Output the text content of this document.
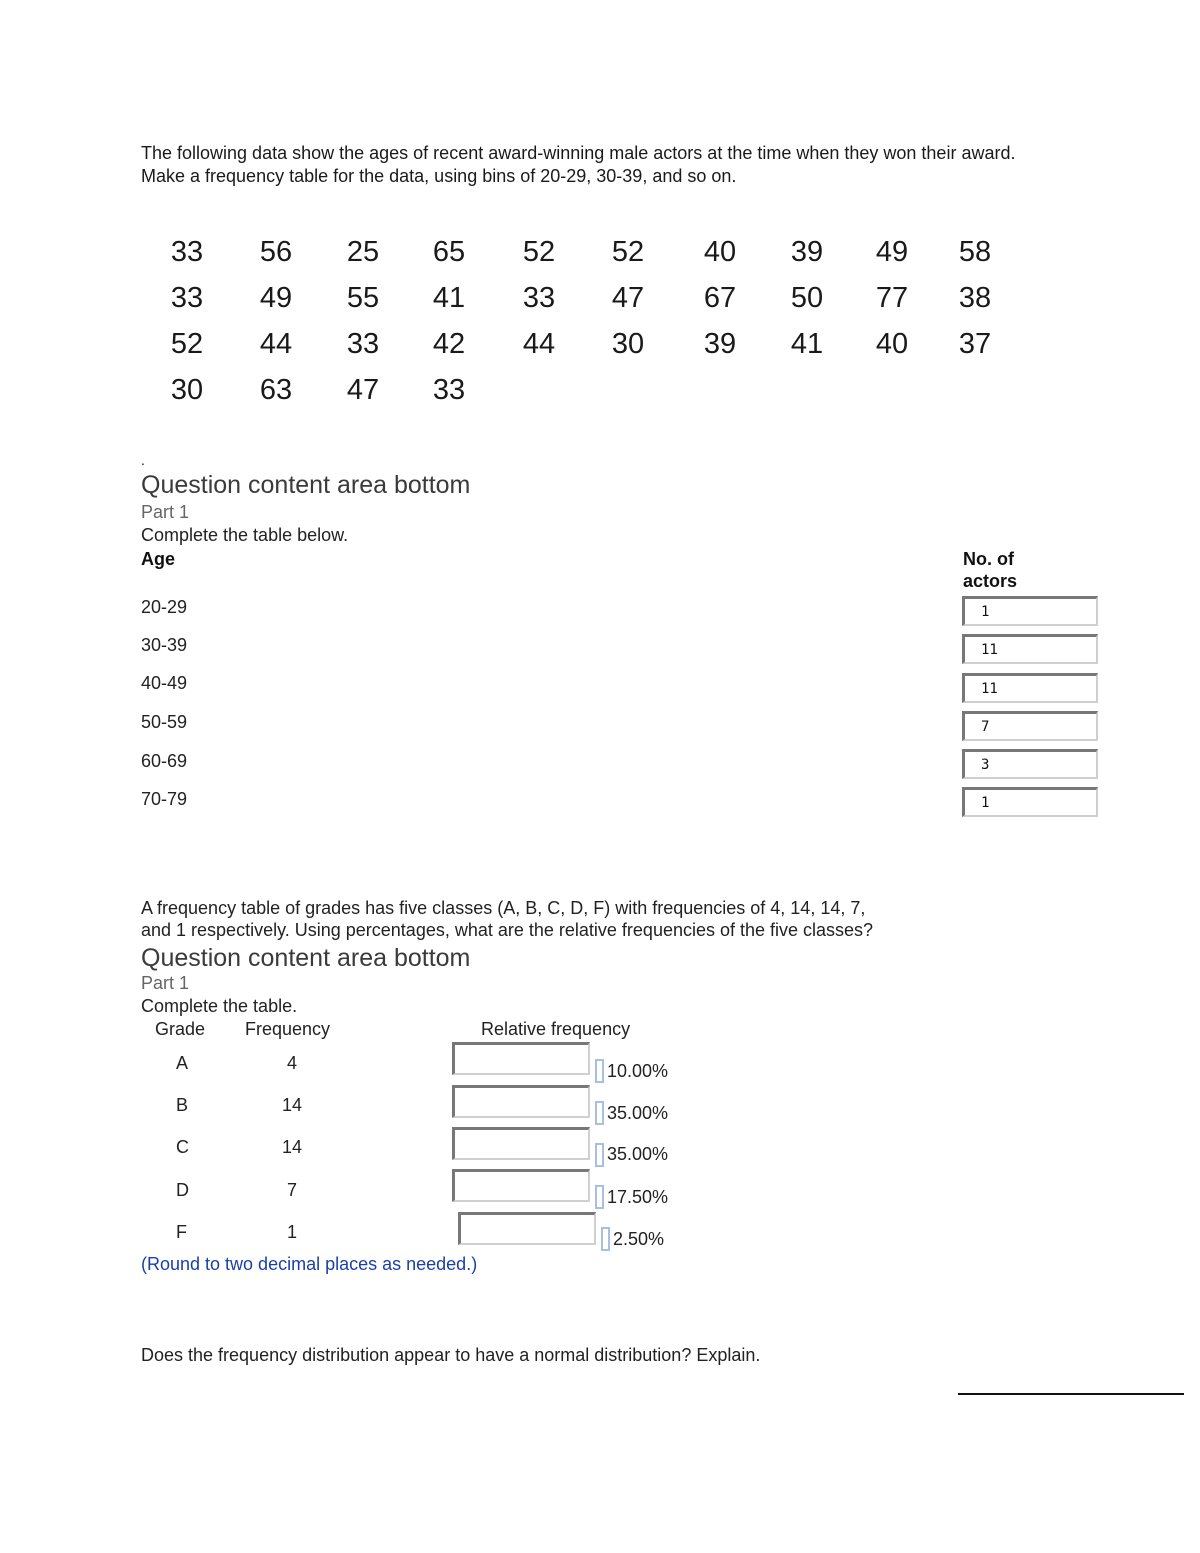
The following data show the ages of recent award-winning male actors at the time when they won their award. Make a frequency table for the data, using bins of 20-29, 30-39, and so on.
33	56	25	65	52	52	40	39	49	58
33	49	55	41	33	47	67	50	77	38
52	44	33	42	44	30	39	41	40	37
30	63	47	33
.
Question content area bottom
Part 1
Complete the table below.
Age	No. of
actors
20-29	1
30-39	11
40-49	11
50-59	7
60-69	3
70-79	1
A frequency table of grades has five classes (A, B, C, D, F) with frequencies of 4, 14, 14, 7,
and 1 respectively. Using percentages, what are the relative frequencies of the five classes?
Question content area bottom
Part 1
Complete the table.
Grade Frequency	Relative frequency
A	4	10.00%
B	14	35.00%
C	14	35.00%
D	7	17.50%
F	1	2.50%
(Round to two decimal places as needed.)
Does the frequency distribution appear to have a normal distribution? Explain.
